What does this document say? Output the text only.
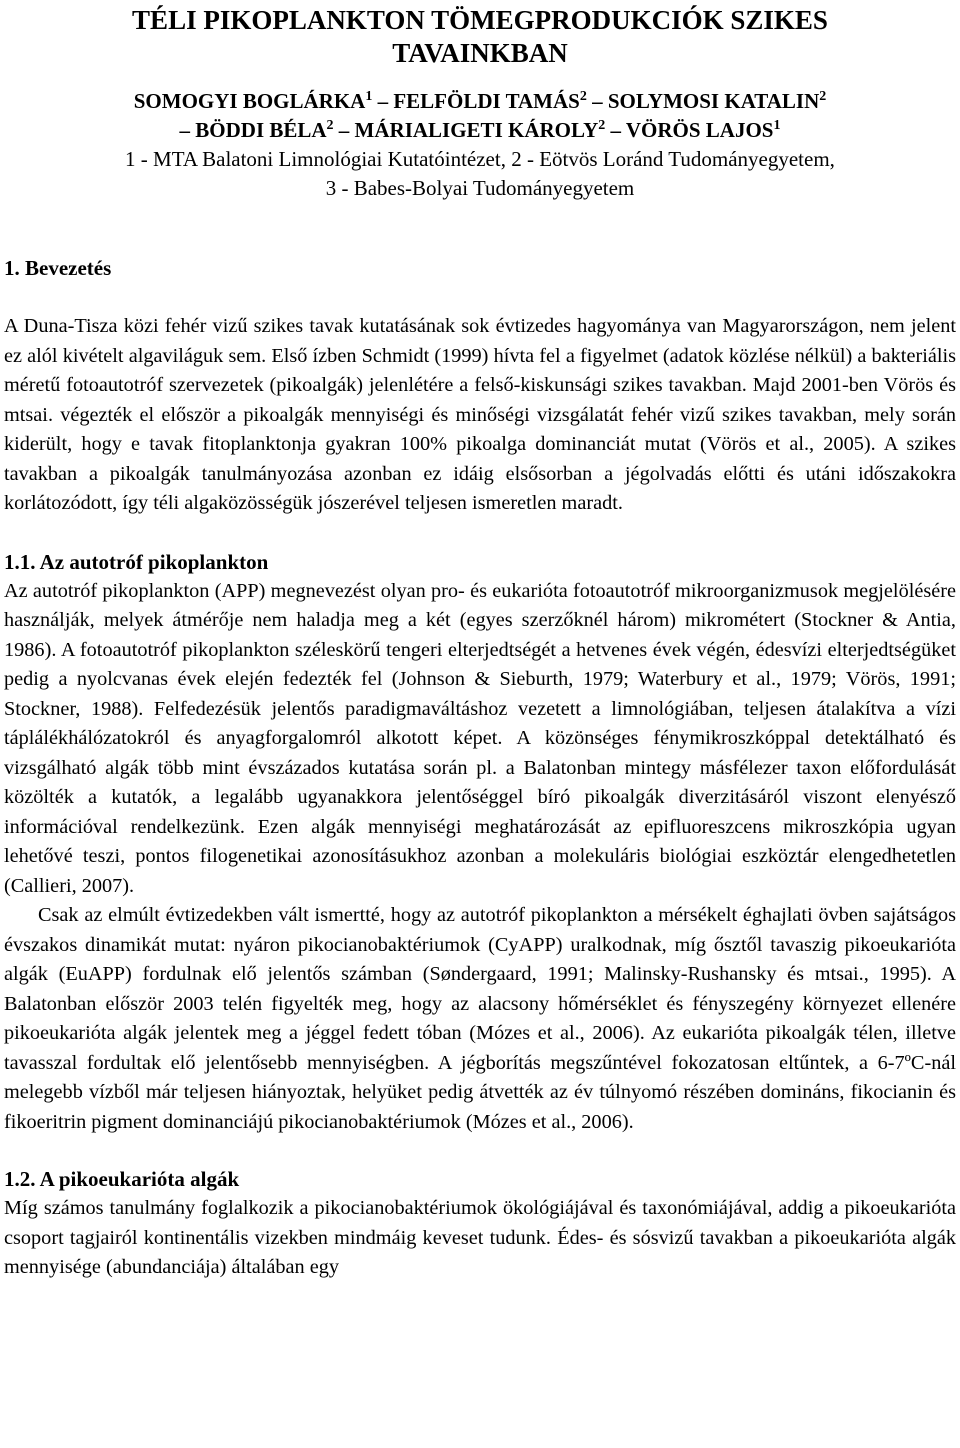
TÉLI PIKOPLANKTON TÖMEGPRODUKCIÓK SZIKES
TAVAINKBAN

SOMOGYI BOGLÁRKA$^1$ – FELFÖLDI TAMÁS$^2$ – SOLYMOSI KATALIN$^2$
– BÖDDI BÉLA$^2$ – MÁRIALIGETI KÁROLY$^2$ – VÖRÖS LAJOS$^1$

1 - MTA Balatoni Limnológiai Kutatóintézet, 2 - Eötvös Loránd Tudományegyetem,
3 - Babes-Bolyai Tudományegyetem

1. Bevezetés

A Duna-Tisza közi fehér vizű szikes tavak kutatásának sok évtizedes hagyománya van Magyarországon, nem jelent ez alól kivételt algaviláguk sem. Első ízben Schmidt (1999) hívta fel a figyelmet (adatok közlése nélkül) a bakteriális méretű fotoautotróf szervezetek (pikoalgák) jelenlétére a felső-kiskunsági szikes tavakban. Majd 2001-ben Vörös és mtsai. végezték el először a pikoalgák mennyiségi és minőségi vizsgálatát fehér vizű szikes tavakban, mely során kiderült, hogy e tavak fitoplanktonja gyakran 100% pikoalga dominanciát mutat (Vörös et al., 2005). A szikes tavakban a pikoalgák tanulmányozása azonban ez idáig elsősorban a jégolvadás előtti és utáni időszakokra korlátozódott, így téli algaközösségük jószerével teljesen ismeretlen maradt.

1.1. Az autotróf pikoplankton

Az autotróf pikoplankton (APP) megnevezést olyan pro- és eukarióta fotoautotróf mikroorganizmusok megjelölésére használják, melyek átmérője nem haladja meg a két (egyes szerzőknél három) mikrométert (Stockner & Antia, 1986). A fotoautotróf pikoplankton széleskörű tengeri elterjedtségét a hetvenes évek végén, édesvízi elterjedtségüket pedig a nyolcvanas évek elején fedezték fel (Johnson & Sieburth, 1979; Waterbury et al., 1979; Vörös, 1991; Stockner, 1988). Felfedezésük jelentős paradigmaváltáshoz vezetett a limnológiában, teljesen átalakítva a vízi táplálékhálózatokról és anyagforgalomról alkotott képet. A közönséges fénymikroszkóppal detektálható és vizsgálható algák több mint évszázados kutatása során pl. a Balatonban mintegy másfélezer taxon előfordulását közölték a kutatók, a legalább ugyanakkora jelentőséggel bíró pikoalgák diverzitásáról viszont elenyésző információval rendelkezünk. Ezen algák mennyiségi meghatározását az epifluoreszcens mikroszkópia ugyan lehetővé teszi, pontos filogenetikai azonosításukhoz azonban a molekuláris biológiai eszköztár elengedhetetlen (Callieri, 2007).

Csak az elmúlt évtizedekben vált ismertté, hogy az autotróf pikoplankton a mérsékelt éghajlati övben sajátságos évszakos dinamikát mutat: nyáron pikocianobaktériumok (CyAPP) uralkodnak, míg ősztől tavaszig pikoeukarióta algák (EuAPP) fordulnak elő jelentős számban (Søndergaard, 1991; Malinsky-Rushansky és mtsai., 1995). A Balatonban először 2003 telén figyelték meg, hogy az alacsony hőmérséklet és fényszegény környezet ellenére pikoeukarióta algák jelentek meg a jéggel fedett tóban (Mózes et al., 2006). Az eukarióta pikoalgák télen, illetve tavasszal fordultak elő jelentősebb mennyiségben. A jégborítás megszűntével fokozatosan eltűntek, a 6-7ºC-nál melegebb vízből már teljesen hiányoztak, helyüket pedig átvették az év túlnyomó részében domináns, fikocianin és fikoeritrin pigment dominanciájú pikocianobaktériumok (Mózes et al., 2006).

1.2. A pikoeukarióta algák

Míg számos tanulmány foglalkozik a pikocianobaktériumok ökológiájával és taxonómiájával, addig a pikoeukarióta csoport tagjairól kontinentális vizekben mindmáig keveset tudunk. Édes- és sósvizű tavakban a pikoeukarióta algák mennyisége (abundanciája) általában egy
